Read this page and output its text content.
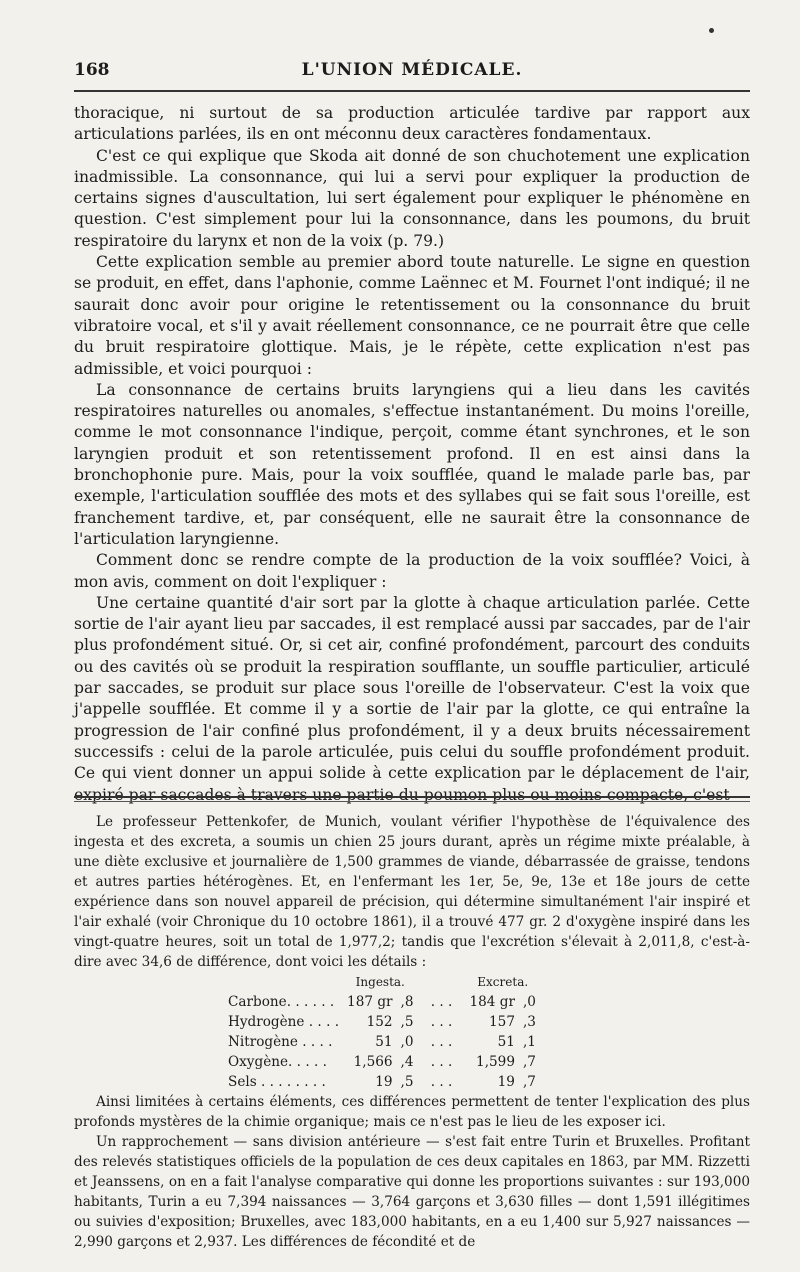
168	L'UNION MÉDICALE.

thoracique, ni surtout de sa production articulée tardive par rapport aux articulations parlées, ils en ont méconnu deux caractères fondamentaux.

C'est ce qui explique que Skoda ait donné de son chuchotement une explication inadmissible. La consonnance, qui lui a servi pour expliquer la production de certains signes d'auscultation, lui sert également pour expliquer le phénomène en question. C'est simplement pour lui la consonnance, dans les poumons, du bruit respiratoire du larynx et non de la voix (p. 79.)

Cette explication semble au premier abord toute naturelle. Le signe en question se produit, en effet, dans l'aphonie, comme Laënnec et M. Fournet l'ont indiqué; il ne saurait donc avoir pour origine le retentissement ou la consonnance du bruit vibratoire vocal, et s'il y avait réellement consonnance, ce ne pourrait être que celle du bruit respiratoire glottique. Mais, je le répète, cette explication n'est pas admissible, et voici pourquoi :

La consonnance de certains bruits laryngiens qui a lieu dans les cavités respiratoires naturelles ou anomales, s'effectue instantanément. Du moins l'oreille, comme le mot consonnance l'indique, perçoit, comme étant synchrones, et le son laryngien produit et son retentissement profond. Il en est ainsi dans la bronchophonie pure. Mais, pour la voix soufflée, quand le malade parle bas, par exemple, l'articulation soufflée des mots et des syllabes qui se fait sous l'oreille, est franchement tardive, et, par conséquent, elle ne saurait être la consonnance de l'articulation laryngienne.

Comment donc se rendre compte de la production de la voix soufflée? Voici, à mon avis, comment on doit l'expliquer :

Une certaine quantité d'air sort par la glotte à chaque articulation parlée. Cette sortie de l'air ayant lieu par saccades, il est remplacé aussi par saccades, par de l'air plus profondément situé. Or, si cet air, confiné profondément, parcourt des conduits ou des cavités où se produit la respiration soufflante, un souffle particulier, articulé par saccades, se produit sur place sous l'oreille de l'observateur. C'est la voix que j'appelle soufflée. Et comme il y a sortie de l'air par la glotte, ce qui entraîne la progression de l'air confiné plus profondément, il y a deux bruits nécessairement successifs : celui de la parole articulée, puis celui du souffle profondément produit. Ce qui vient donner un appui solide à cette explication par le déplacement de l'air, expiré par saccades à travers une partie du poumon plus ou moins compacte, c'est

Le professeur Pettenkofer, de Munich, voulant vérifier l'hypothèse de l'équivalence des ingesta et des excreta, a soumis un chien 25 jours durant, après un régime mixte préalable, à une diète exclusive et journalière de 1,500 grammes de viande, débarrassée de graisse, tendons et autres parties hétérogènes. Et, en l'enfermant les 1er, 5e, 9e, 13e et 18e jours de cette expérience dans son nouvel appareil de précision, qui détermine simultanément l'air inspiré et l'air exhalé (voir Chronique du 10 octobre 1861), il a trouvé 477 gr. 2 d'oxygène inspiré dans les vingt-quatre heures, soit un total de 1,977,2; tandis que l'excrétion s'élevait à 2,011,8, c'est-à-dire avec 34,6 de différence, dont voici les détails :

	Ingesta.			Excreta.	
Carbone. . . . . .	187 gr	,8	. . .	184 gr	,0
Hydrogène . . . .	152	,5	. . .	157	,3
Nitrogène . . . .	51	,0	. . .	51	,1
Oxygène. . . . .	1,566	,4	. . .	1,599	,7
Sels . . . . . . . .	19	,5	. . .	19	,7

Ainsi limitées à certains éléments, ces différences permettent de tenter l'explication des plus profonds mystères de la chimie organique; mais ce n'est pas le lieu de les exposer ici.

Un rapprochement — sans division antérieure — s'est fait entre Turin et Bruxelles. Profitant des relevés statistiques officiels de la population de ces deux capitales en 1863, par MM. Rizzetti et Jeanssens, on en a fait l'analyse comparative qui donne les proportions suivantes : sur 193,000 habitants, Turin a eu 7,394 naissances — 3,764 garçons et 3,630 filles — dont 1,591 illégitimes ou suivies d'exposition; Bruxelles, avec 183,000 habitants, en a eu 1,400 sur 5,927 naissances — 2,990 garçons et 2,937. Les différences de fécondité et de
